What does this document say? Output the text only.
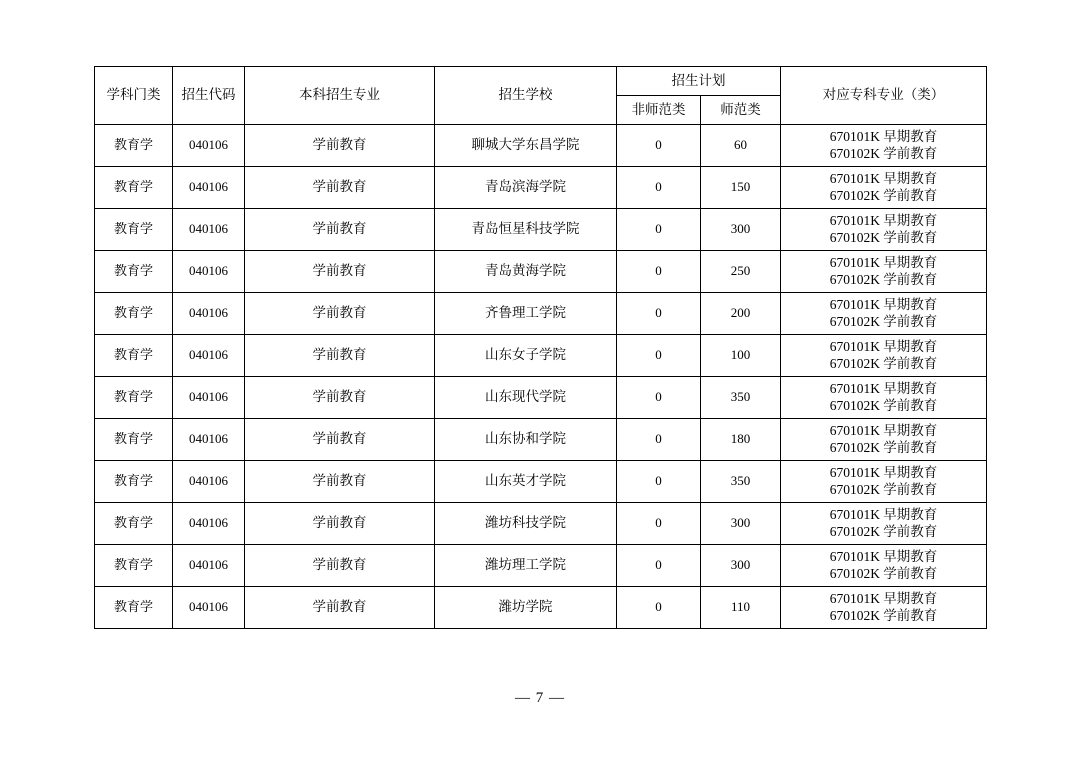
学科门类	招生代码	本科招生专业	招生学校	招生计划		对应专科专业（类）
				非师范类	师范类	
教育学	040106	学前教育	聊城大学东昌学院	0	60	670101K 早期教育
670102K 学前教育

教育学	040106	学前教育	青岛滨海学院	0	150	670101K 早期教育
670102K 学前教育

教育学	040106	学前教育	青岛恒星科技学院	0	300	670101K 早期教育
670102K 学前教育

教育学	040106	学前教育	青岛黄海学院	0	250	670101K 早期教育
670102K 学前教育

教育学	040106	学前教育	齐鲁理工学院	0	200	670101K 早期教育
670102K 学前教育

教育学	040106	学前教育	山东女子学院	0	100	670101K 早期教育
670102K 学前教育

教育学	040106	学前教育	山东现代学院	0	350	670101K 早期教育
670102K 学前教育

教育学	040106	学前教育	山东协和学院	0	180	670101K 早期教育
670102K 学前教育

教育学	040106	学前教育	山东英才学院	0	350	670101K 早期教育
670102K 学前教育

教育学	040106	学前教育	潍坊科技学院	0	300	670101K 早期教育
670102K 学前教育

教育学	040106	学前教育	潍坊理工学院	0	300	670101K 早期教育
670102K 学前教育

教育学	040106	学前教育	潍坊学院	0	110	670101K 早期教育
670102K 学前教育
— 7 —
